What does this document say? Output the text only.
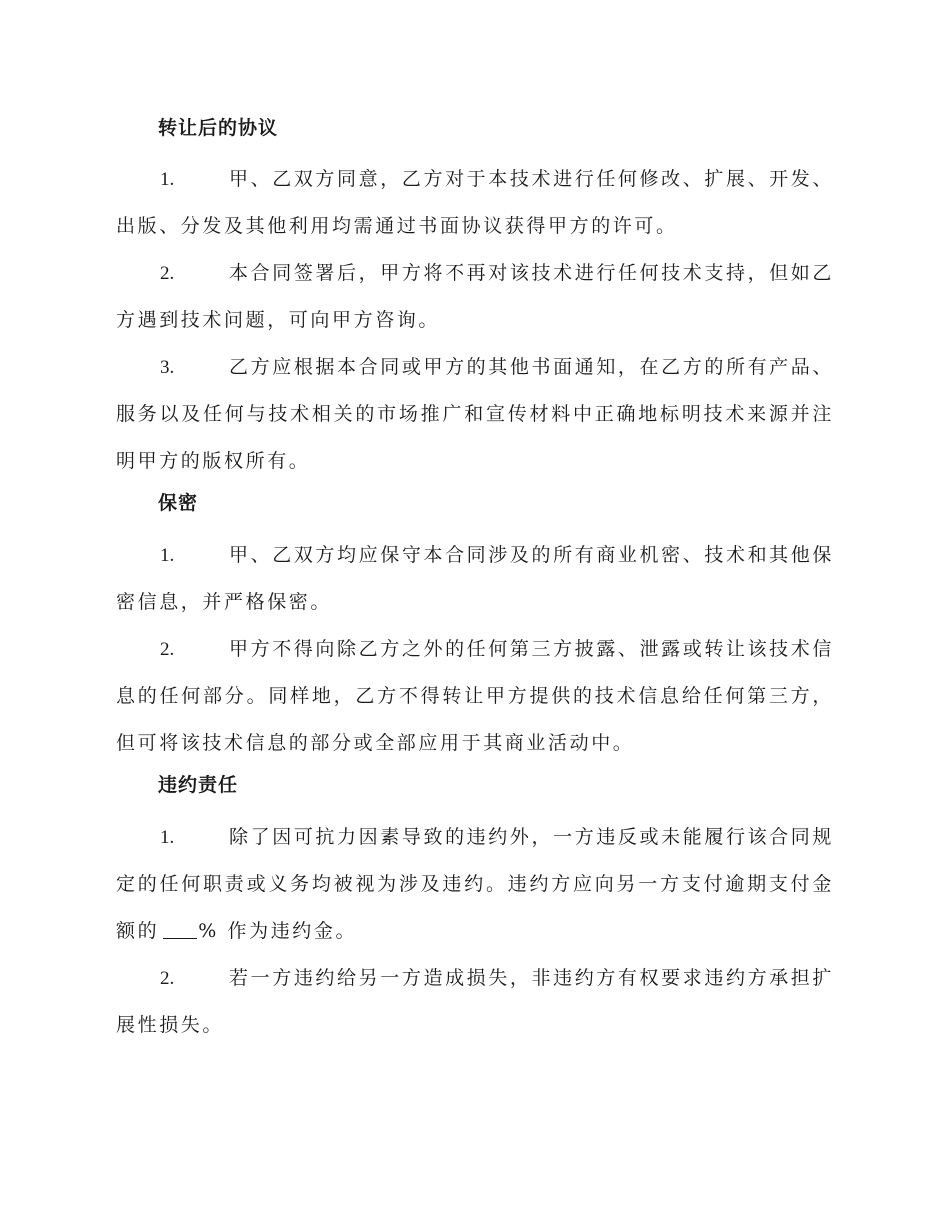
转让后的协议
1.	甲、乙双方同意，乙方对于本技术进行任何修改、扩展、开发、出版、分发及其他利用均需通过书面协议获得甲方的许可。
2.	本合同签署后，甲方将不再对该技术进行任何技术支持，但如乙方遇到技术问题，可向甲方咨询。
3.	乙方应根据本合同或甲方的其他书面通知，在乙方的所有产品、服务以及任何与技术相关的市场推广和宣传材料中正确地标明技术来源并注明甲方的版权所有。
保密
1.	甲、乙双方均应保守本合同涉及的所有商业机密、技术和其他保密信息，并严格保密。
2.	甲方不得向除乙方之外的任何第三方披露、泄露或转让该技术信息的任何部分。同样地，乙方不得转让甲方提供的技术信息给任何第三方，但可将该技术信息的部分或全部应用于其商业活动中。
违约责任
1.	除了因可抗力因素导致的违约外，一方违反或未能履行该合同规定的任何职责或义务均被视为涉及违约。违约方应向另一方支付逾期支付金额的 % 作为违约金。
2.	若一方违约给另一方造成损失，非违约方有权要求违约方承担扩展性损失。
